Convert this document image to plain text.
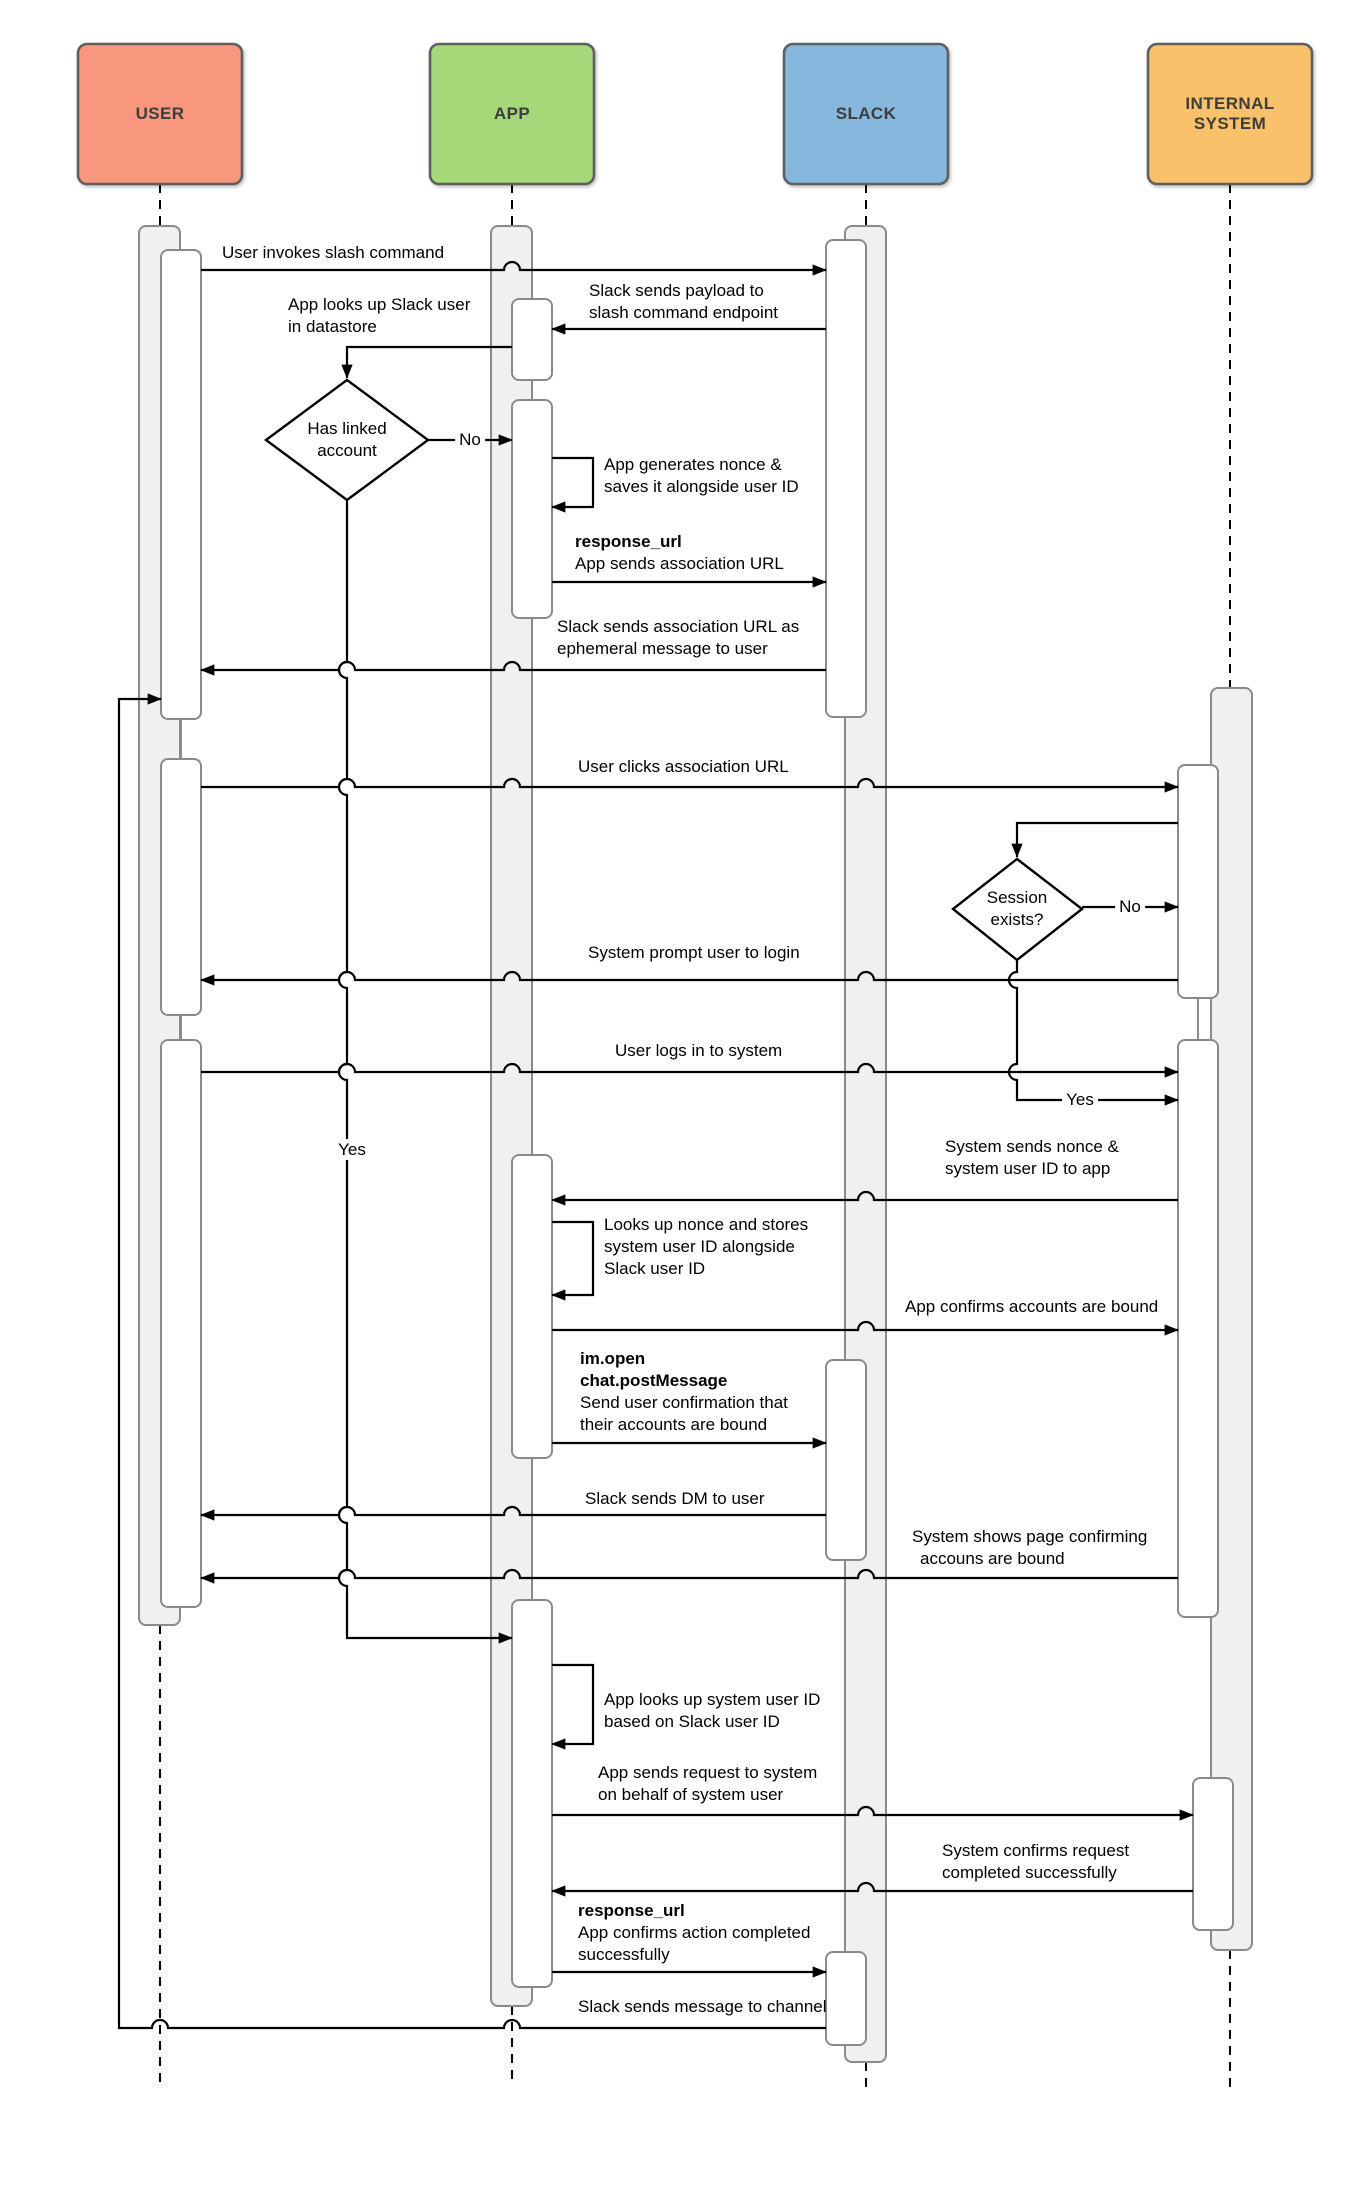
USER	APP	SLACK
INTERNAL SYSTEM
Has linked
account
Session
exists?
No
Yes
No
Yes
User invokes slash command
Slack sends payload to
slash command endpoint
App looks up Slack user
in datastore
App generates nonce &
saves it alongside user ID
response_url
App sends association URL
Slack sends association URL as
ephemeral message to user
User clicks association URL
System prompt user to login
User logs in to system
System sends nonce &
system user ID to app
Looks up nonce and stores
system user ID alongside
Slack user ID
App confirms accounts are bound
im.open
chat.postMessage
Send user confirmation that
their accounts are bound
Slack sends DM to user
System shows page confirming
accouns are bound
App looks up system user ID
based on Slack user ID
App sends request to system
on behalf of system user
System confirms request
completed successfully
response_url
App confirms action completed
successfully
Slack sends message to channel
